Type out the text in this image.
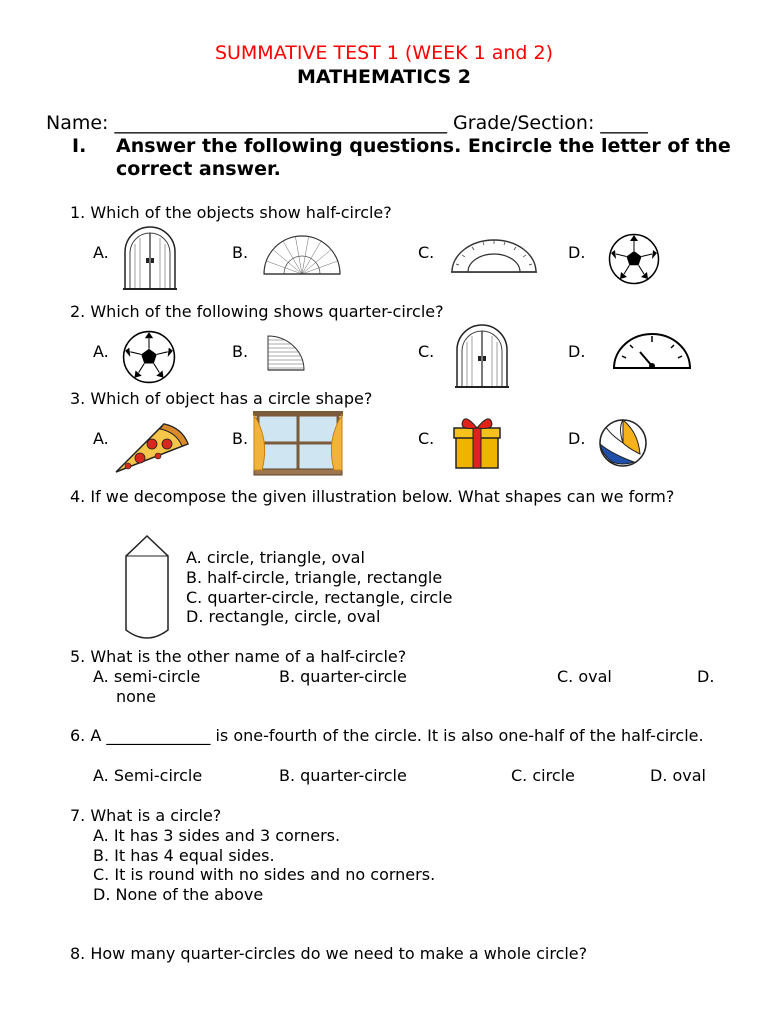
SUMMATIVE TEST 1 (WEEK 1 and 2)
MATHEMATICS 2
Name: ___________________________________ Grade/Section: _____
I. Answer the following questions. Encircle the letter of the correct answer.
1. Which of the objects show half-circle?
A.	B.	C.	D.
2. Which of the following shows quarter-circle?
A.	B.	C.	D.
3. Which of object has a circle shape?
A.	B.	C.	D.
4. If we decompose the given illustration below. What shapes can we form?
A. circle, triangle, oval
B. half-circle, triangle, rectangle
C. quarter-circle, rectangle, circle
D. rectangle, circle, oval
5. What is the other name of a half-circle?
A. semi-circle	B. quarter-circle	C. oval	D.
none
6. A _____________ is one-fourth of the circle. It is also one-half of the half-circle.
A. Semi-circle	B. quarter-circle	C. circle	D. oval
7. What is a circle?
A. It has 3 sides and 3 corners.
B. It has 4 equal sides.
C. It is round with no sides and no corners.
D. None of the above
8. How many quarter-circles do we need to make a whole circle?
